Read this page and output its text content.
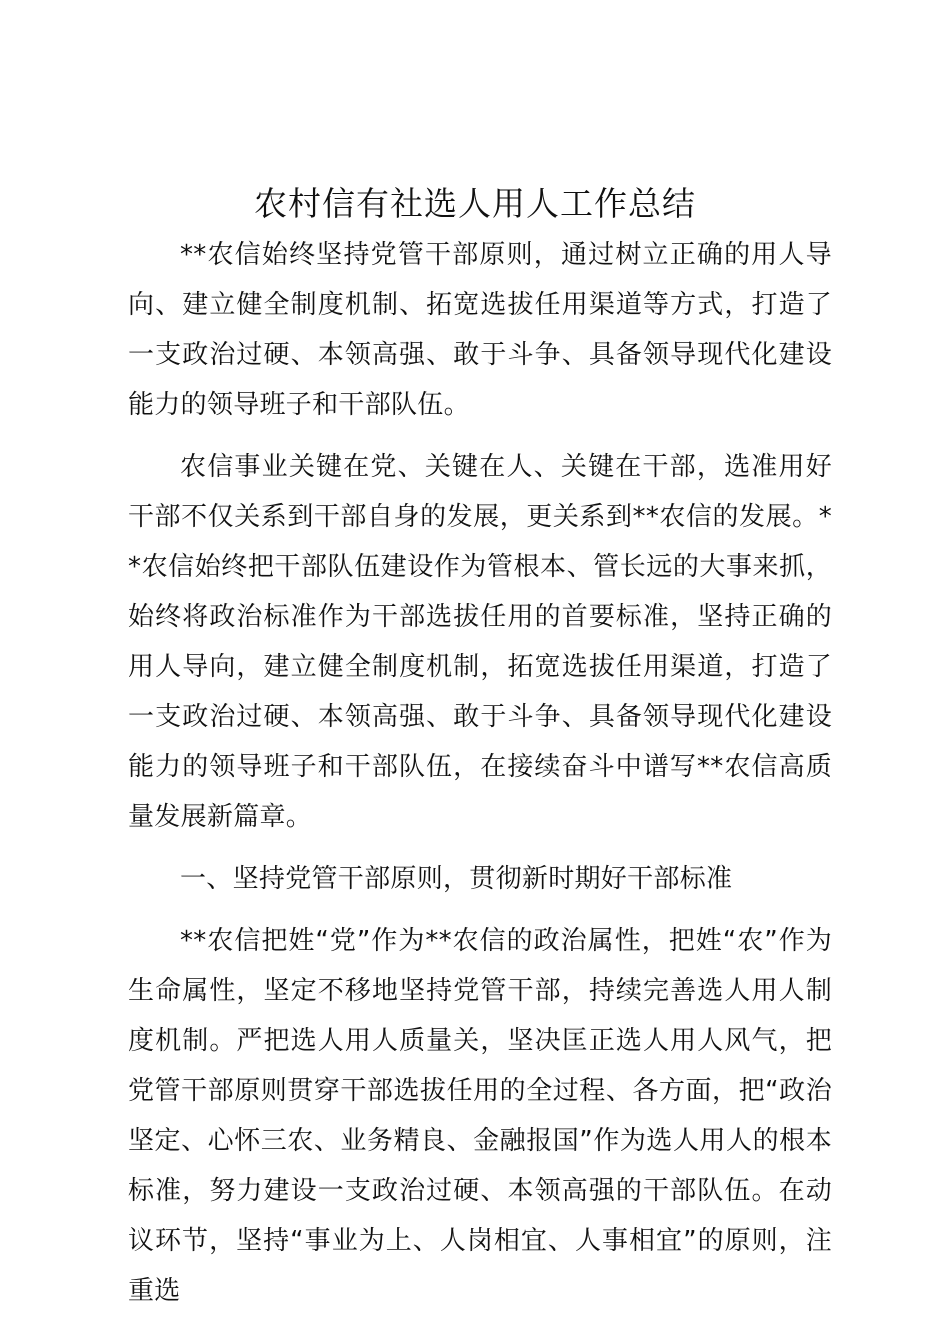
农村信有社选人用人工作总结

**农信始终坚持党管干部原则，通过树立正确的用人导向、建立健全制度机制、拓宽选拔任用渠道等方式，打造了一支政治过硬、本领高强、敢于斗争、具备领导现代化建设能力的领导班子和干部队伍。

农信事业关键在党、关键在人、关键在干部，选准用好干部不仅关系到干部自身的发展，更关系到**农信的发展。**农信始终把干部队伍建设作为管根本、管长远的大事来抓，始终将政治标准作为干部选拔任用的首要标准，坚持正确的用人导向，建立健全制度机制，拓宽选拔任用渠道，打造了一支政治过硬、本领高强、敢于斗争、具备领导现代化建设能力的领导班子和干部队伍，在接续奋斗中谱写**农信高质量发展新篇章。

一、坚持党管干部原则，贯彻新时期好干部标准

**农信把姓“党”作为**农信的政治属性，把姓“农”作为生命属性，坚定不移地坚持党管干部，持续完善选人用人制度机制。严把选人用人质量关，坚决匡正选人用人风气，把党管干部原则贯穿干部选拔任用的全过程、各方面，把“政治坚定、心怀三农、业务精良、金融报国”作为选人用人的根本标准，努力建设一支政治过硬、本领高强的干部队伍。在动议环节，坚持“事业为上、人岗相宜、人事相宜”的原则，注重选
